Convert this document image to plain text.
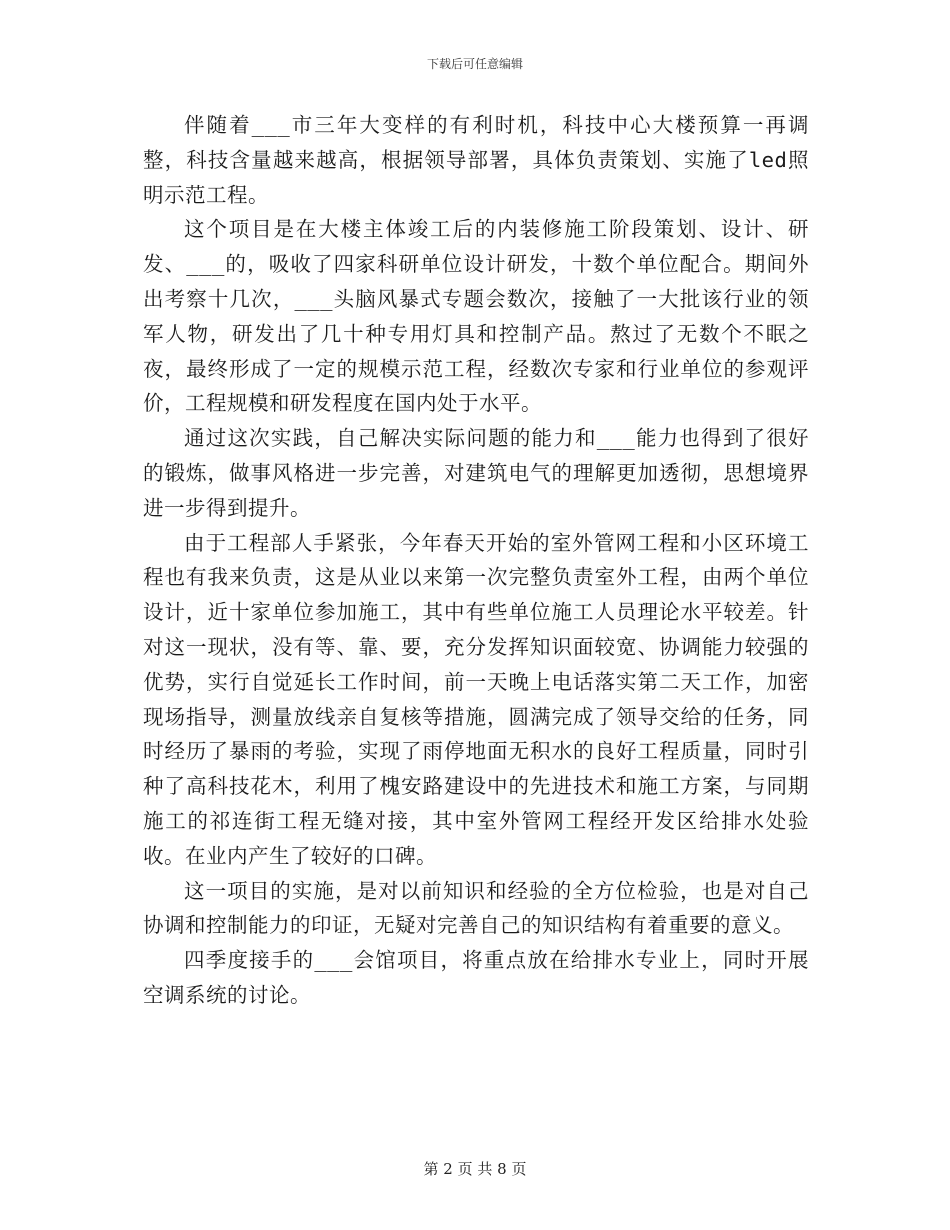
下载后可任意编辑

伴随着___市三年大变样的有利时机，科技中心大楼预算一再调整，科技含量越来越高，根据领导部署，具体负责策划、实施了led照明示范工程。

这个项目是在大楼主体竣工后的内装修施工阶段策划、设计、研发、___的，吸收了四家科研单位设计研发，十数个单位配合。期间外出考察十几次，___头脑风暴式专题会数次，接触了一大批该行业的领军人物，研发出了几十种专用灯具和控制产品。熬过了无数个不眠之夜，最终形成了一定的规模示范工程，经数次专家和行业单位的参观评价，工程规模和研发程度在国内处于水平。

通过这次实践，自己解决实际问题的能力和___能力也得到了很好的锻炼，做事风格进一步完善，对建筑电气的理解更加透彻，思想境界进一步得到提升。

由于工程部人手紧张，今年春天开始的室外管网工程和小区环境工程也有我来负责，这是从业以来第一次完整负责室外工程，由两个单位设计，近十家单位参加施工，其中有些单位施工人员理论水平较差。针对这一现状，没有等、靠、要，充分发挥知识面较宽、协调能力较强的优势，实行自觉延长工作时间，前一天晚上电话落实第二天工作，加密现场指导，测量放线亲自复核等措施，圆满完成了领导交给的任务，同时经历了暴雨的考验，实现了雨停地面无积水的良好工程质量，同时引种了高科技花木，利用了槐安路建设中的先进技术和施工方案，与同期施工的祁连街工程无缝对接，其中室外管网工程经开发区给排水处验收。在业内产生了较好的口碑。

这一项目的实施，是对以前知识和经验的全方位检验，也是对自己协调和控制能力的印证，无疑对完善自己的知识结构有着重要的意义。

四季度接手的___会馆项目，将重点放在给排水专业上，同时开展空调系统的讨论。

第 2 页 共 8 页
